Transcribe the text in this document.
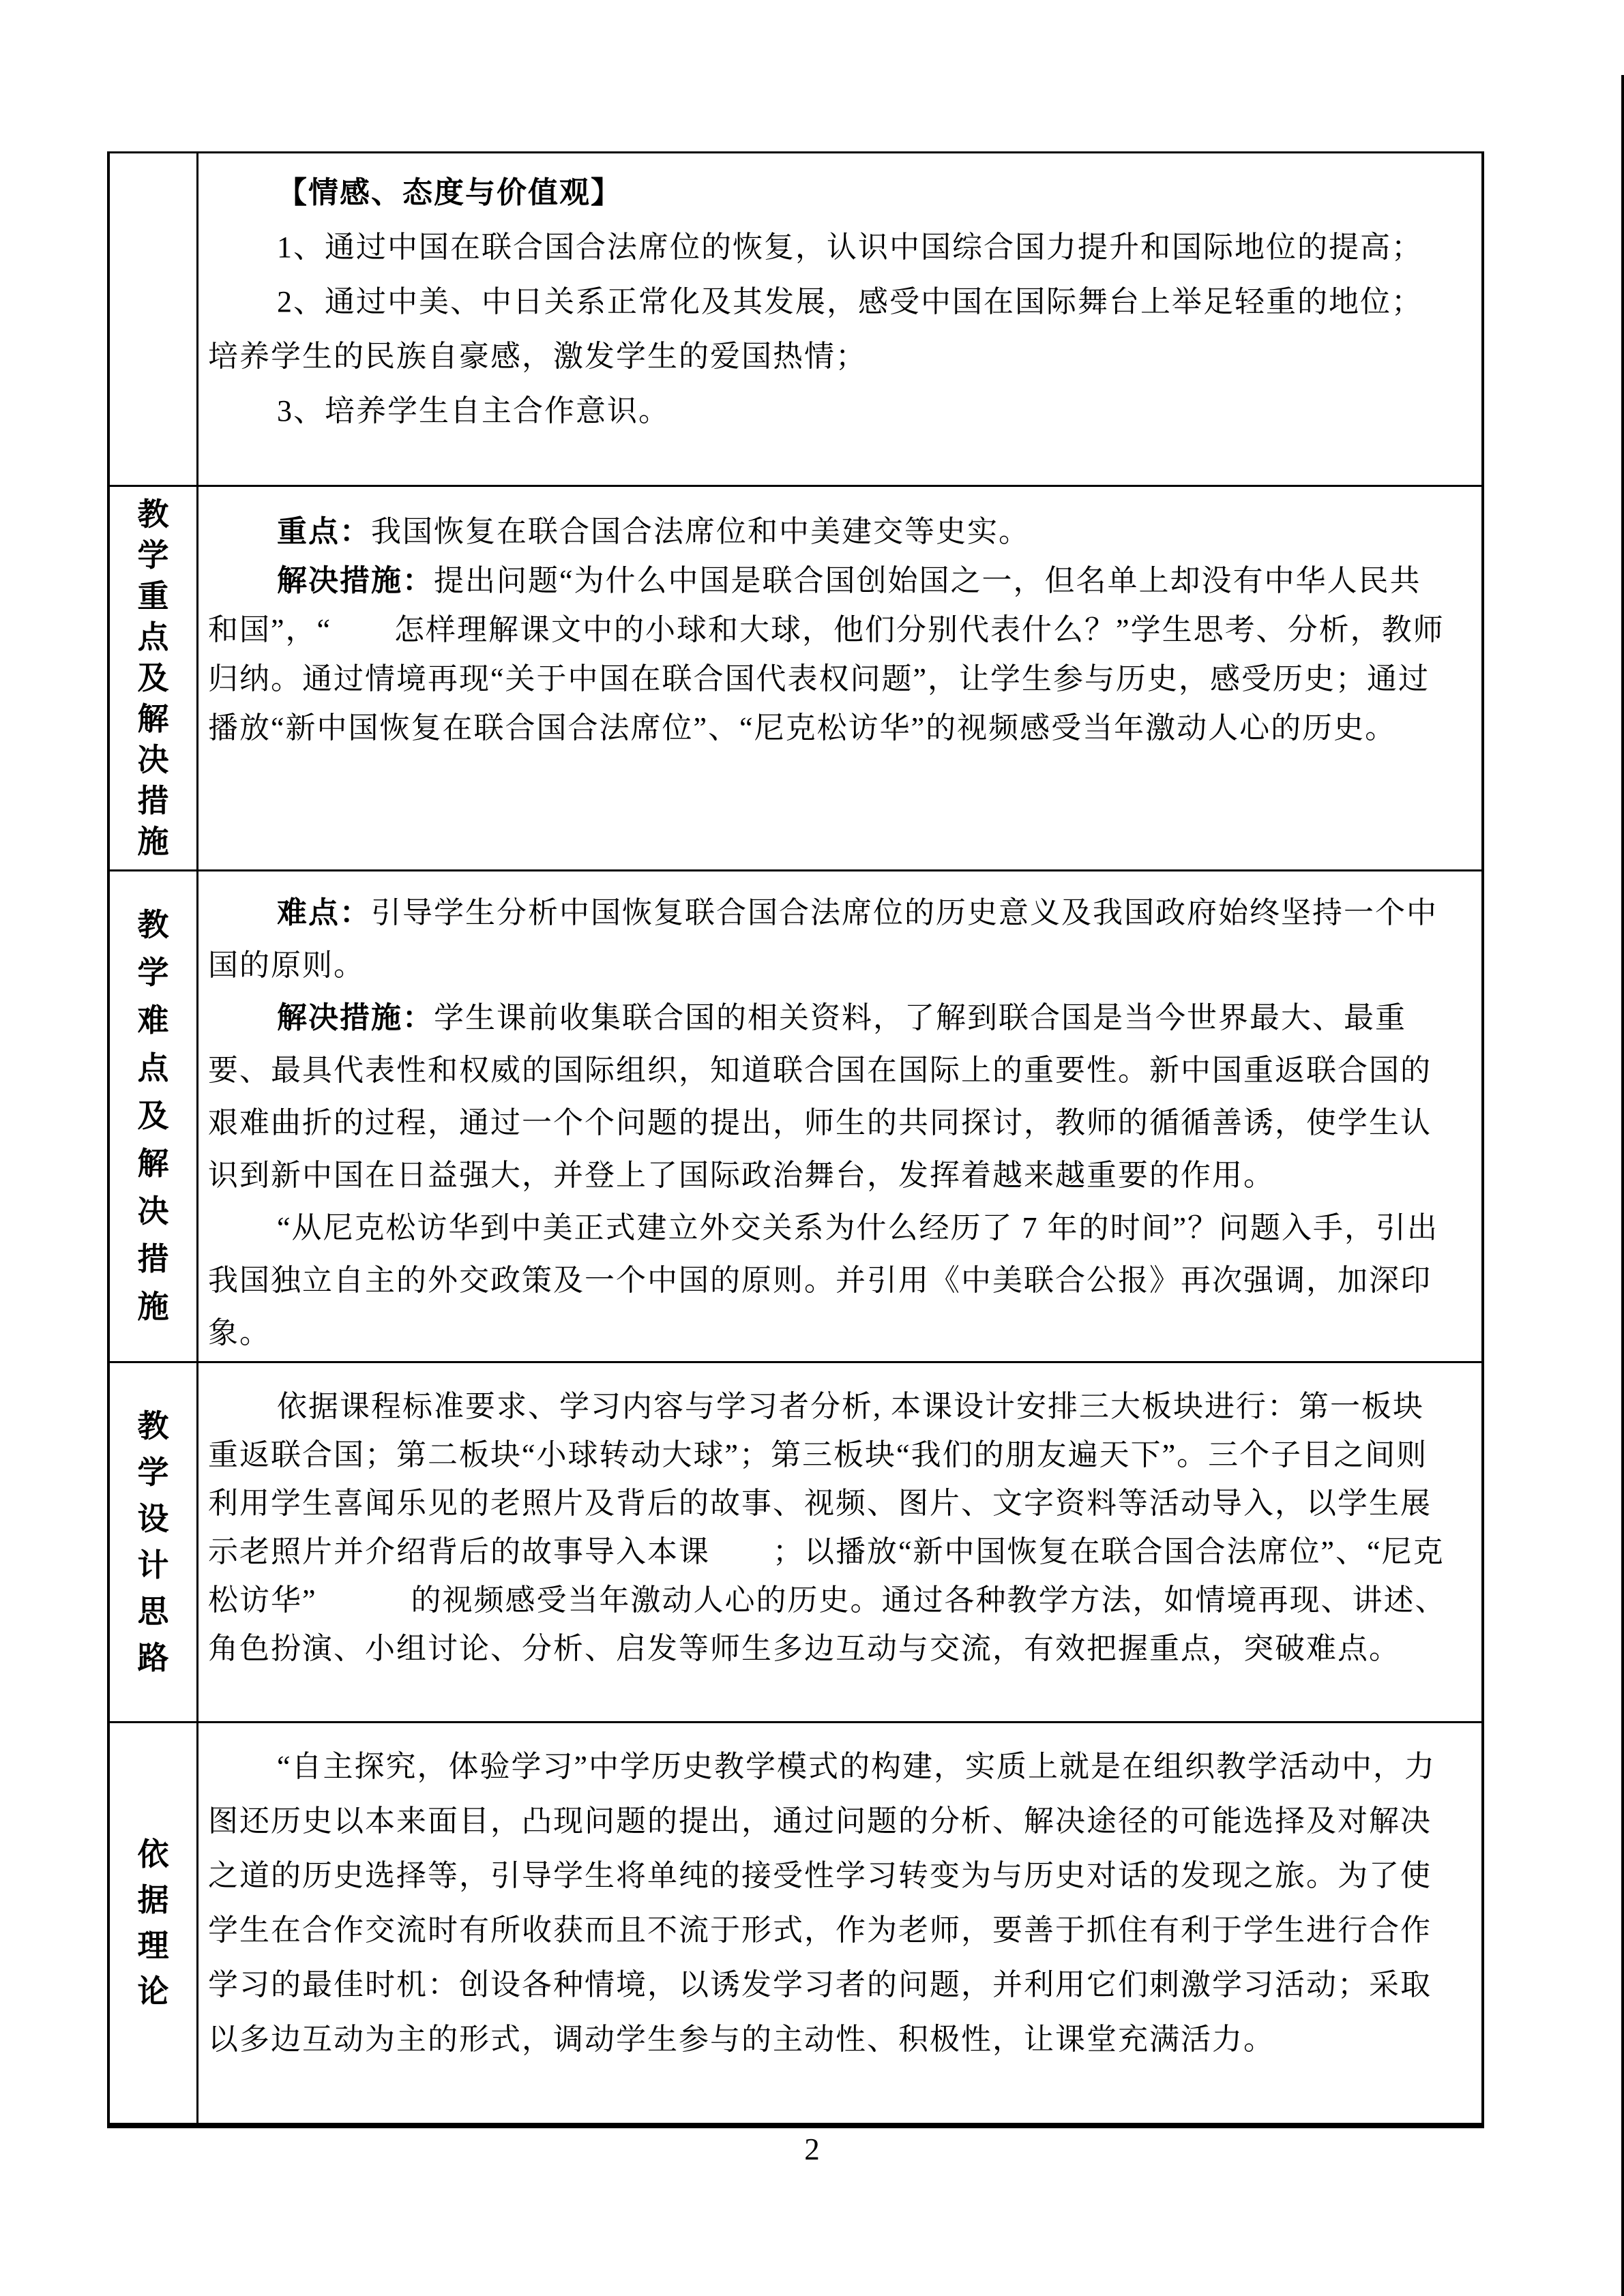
【情感、态度与价值观】

1、通过中国在联合国合法席位的恢复，认识中国综合国力提升和国际地位的提高；2、通过中美、中日关系正常化及其发展，感受中国在国际舞台上举足轻重的地位；

培养学生的民族自豪感，激发学生的爱国热情；

3、培养学生自主合作意识。

教学重点及解决措施

重点：我国恢复在联合国合法席位和中美建交等史实。

解决措施：提出问题“为什么中国是联合国创始国之一，但名单上却没有中华人民共和国”，“　　怎样理解课文中的小球和大球，他们分别代表什么？”学生思考、分析，教师归纳。通过情境再现“关于中国在联合国代表权问题”，让学生参与历史，感受历史；通过播放“新中国恢复在联合国合法席位”、“尼克松访华”的视频感受当年激动人心的历史。

教学难点及解决措施

难点：引导学生分析中国恢复联合国合法席位的历史意义及我国政府始终坚持一个中国的原则。

解决措施：学生课前收集联合国的相关资料，了解到联合国是当今世界最大、最重要、最具代表性和权威的国际组织，知道联合国在国际上的重要性。新中国重返联合国的艰难曲折的过程，通过一个个问题的提出，师生的共同探讨，教师的循循善诱，使学生认识到新中国在日益强大，并登上了国际政治舞台，发挥着越来越重要的作用。

“从尼克松访华到中美正式建立外交关系为什么经历了 7 年的时间”？问题入手，引出我国独立自主的外交政策及一个中国的原则。并引用《中美联合公报》再次强调，加深印象。

教学设计思路

依据课程标准要求、学习内容与学习者分析, 本课设计安排三大板块进行：第一板块重返联合国；第二板块“小球转动大球”；第三板块“我们的朋友遍天下”。三个子目之间则利用学生喜闻乐见的老照片及背后的故事、视频、图片、文字资料等活动导入，以学生展示老照片并介绍背后的故事导入本课　　；以播放“新中国恢复在联合国合法席位”、“尼克松访华”　　　的视频感受当年激动人心的历史。通过各种教学方法，如情境再现、讲述、角色扮演、小组讨论、分析、启发等师生多边互动与交流，有效把握重点，突破难点。

依据理论

“自主探究，体验学习”中学历史教学模式的构建，实质上就是在组织教学活动中，力图还历史以本来面目，凸现问题的提出，通过问题的分析、解决途径的可能选择及对解决之道的历史选择等，引导学生将单纯的接受性学习转变为与历史对话的发现之旅。为了使学生在合作交流时有所收获而且不流于形式，作为老师，要善于抓住有利于学生进行合作学习的最佳时机：创设各种情境，以诱发学习者的问题，并利用它们刺激学习活动；采取以多边互动为主的形式，调动学生参与的主动性、积极性，让课堂充满活力。

2
